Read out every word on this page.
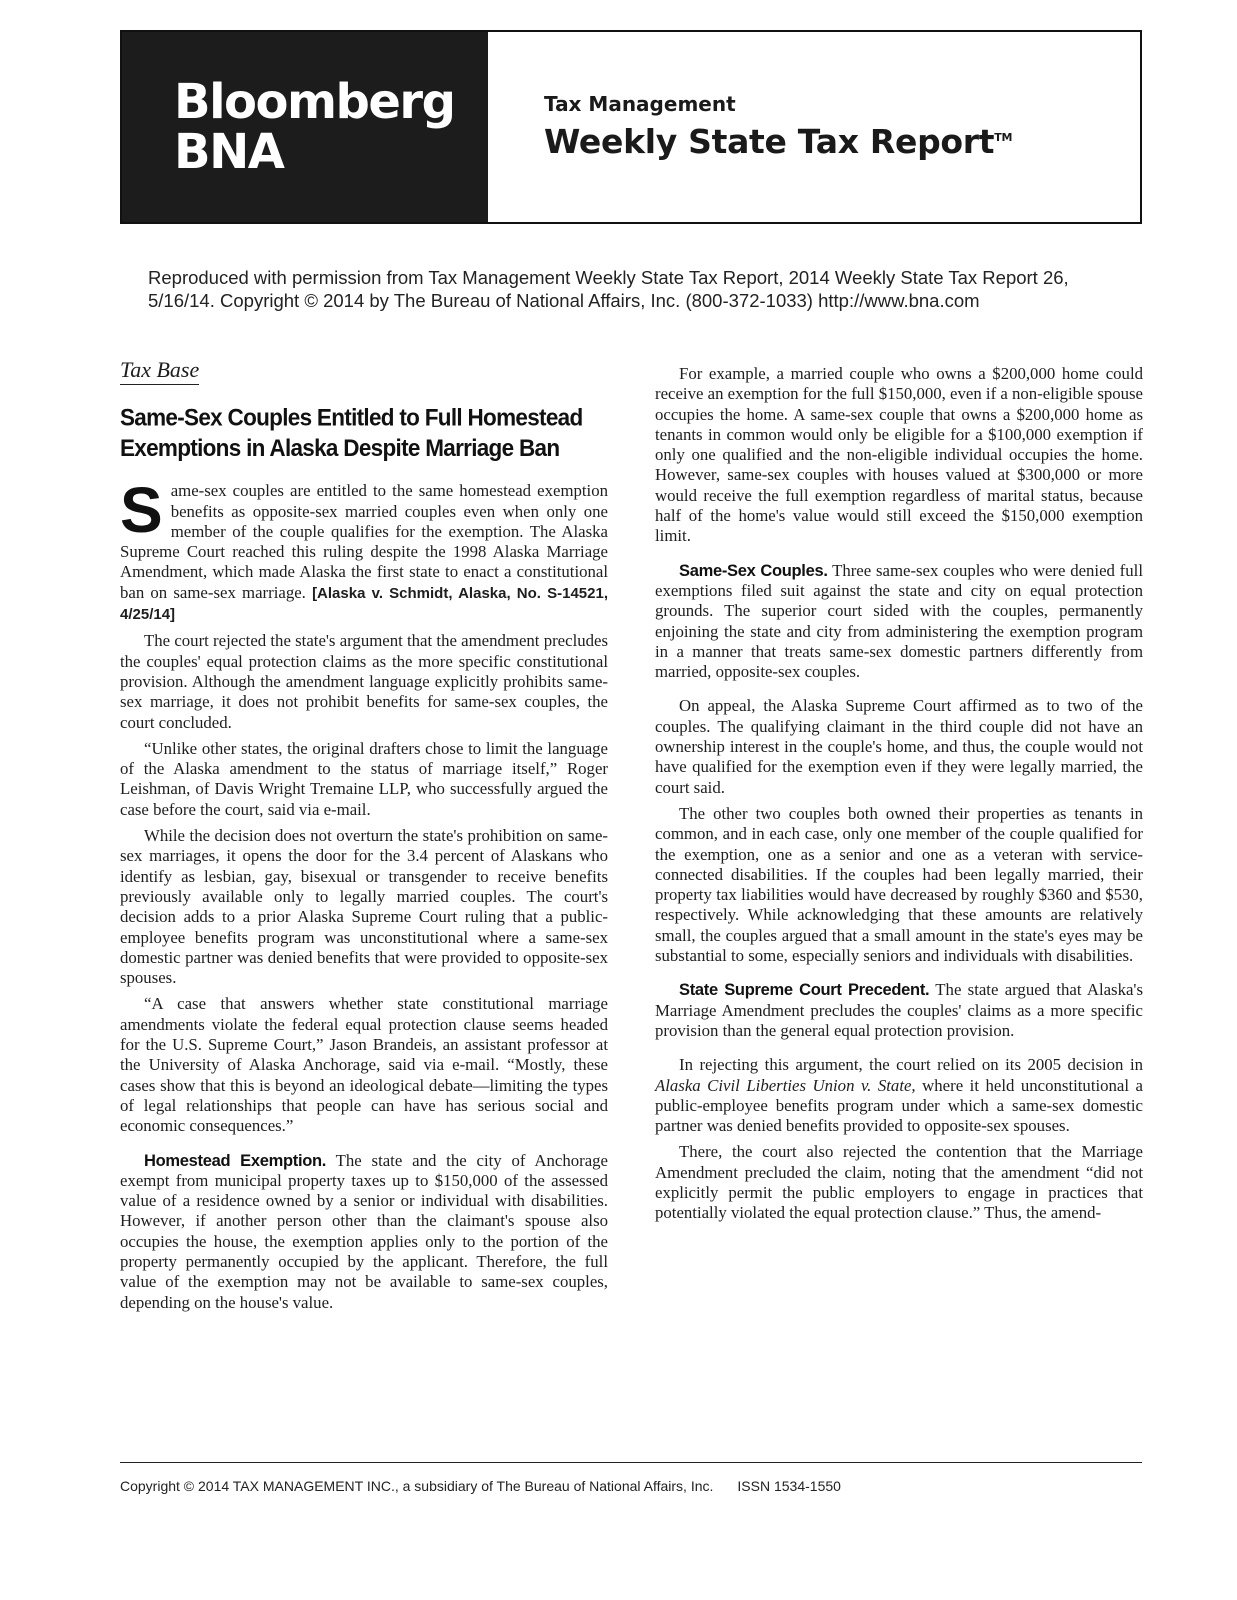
Bloomberg
BNA
Tax Management
Weekly State Tax Report™
Reproduced with permission from Tax Management Weekly State Tax Report, 2014 Weekly State Tax Report 26, 5/16/14. Copyright © 2014 by The Bureau of National Affairs, Inc. (800-372-1033) http://www.bna.com
Tax Base
Same-Sex Couples Entitled to Full Homestead Exemptions in Alaska Despite Marriage Ban

Same-sex couples are entitled to the same homestead exemption benefits as opposite-sex married couples even when only one member of the couple qualifies for the exemption. The Alaska Supreme Court reached this ruling despite the 1998 Alaska Marriage Amendment, which made Alaska the first state to enact a constitutional ban on same-sex marriage. [Alaska v. Schmidt, Alaska, No. S-14521, 4/25/14]

The court rejected the state's argument that the amendment precludes the couples' equal protection claims as the more specific constitutional provision. Although the amendment language explicitly prohibits same-sex marriage, it does not prohibit benefits for same-sex couples, the court concluded.

“Unlike other states, the original drafters chose to limit the language of the Alaska amendment to the status of marriage itself,” Roger Leishman, of Davis Wright Tremaine LLP, who successfully argued the case before the court, said via e-mail.

While the decision does not overturn the state's prohibition on same-sex marriages, it opens the door for the 3.4 percent of Alaskans who identify as lesbian, gay, bisexual or transgender to receive benefits previously available only to legally married couples. The court's decision adds to a prior Alaska Supreme Court ruling that a public-employee benefits program was unconstitutional where a same-sex domestic partner was denied benefits that were provided to opposite-sex spouses.

“A case that answers whether state constitutional marriage amendments violate the federal equal protection clause seems headed for the U.S. Supreme Court,” Jason Brandeis, an assistant professor at the University of Alaska Anchorage, said via e-mail. “Mostly, these cases show that this is beyond an ideological debate—limiting the types of legal relationships that people can have has serious social and economic consequences.”

Homestead Exemption. The state and the city of Anchorage exempt from municipal property taxes up to $150,000 of the assessed value of a residence owned by a senior or individual with disabilities. However, if another person other than the claimant's spouse also occupies the house, the exemption applies only to the portion of the property permanently occupied by the applicant. Therefore, the full value of the exemption may not be available to same-sex couples, depending on the house's value.

For example, a married couple who owns a $200,000 home could receive an exemption for the full $150,000, even if a non-eligible spouse occupies the home. A same-sex couple that owns a $200,000 home as tenants in common would only be eligible for a $100,000 exemption if only one qualified and the non-eligible individual occupies the home. However, same-sex couples with houses valued at $300,000 or more would receive the full exemption regardless of marital status, because half of the home's value would still exceed the $150,000 exemption limit.

Same-Sex Couples. Three same-sex couples who were denied full exemptions filed suit against the state and city on equal protection grounds. The superior court sided with the couples, permanently enjoining the state and city from administering the exemption program in a manner that treats same-sex domestic partners differently from married, opposite-sex couples.

On appeal, the Alaska Supreme Court affirmed as to two of the couples. The qualifying claimant in the third couple did not have an ownership interest in the couple's home, and thus, the couple would not have qualified for the exemption even if they were legally married, the court said.

The other two couples both owned their properties as tenants in common, and in each case, only one member of the couple qualified for the exemption, one as a senior and one as a veteran with service-connected disabilities. If the couples had been legally married, their property tax liabilities would have decreased by roughly $360 and $530, respectively. While acknowledging that these amounts are relatively small, the couples argued that a small amount in the state's eyes may be substantial to some, especially seniors and individuals with disabilities.

State Supreme Court Precedent. The state argued that Alaska's Marriage Amendment precludes the couples' claims as a more specific provision than the general equal protection provision.

In rejecting this argument, the court relied on its 2005 decision in Alaska Civil Liberties Union v. State, where it held unconstitutional a public-employee benefits program under which a same-sex domestic partner was denied benefits provided to opposite-sex spouses.

There, the court also rejected the contention that the Marriage Amendment precluded the claim, noting that the amendment “did not explicitly permit the public employers to engage in practices that potentially violated the equal protection clause.” Thus, the amend-

Copyright © 2014 TAX MANAGEMENT INC., a subsidiary of The Bureau of National Affairs, Inc. ISSN 1534-1550
